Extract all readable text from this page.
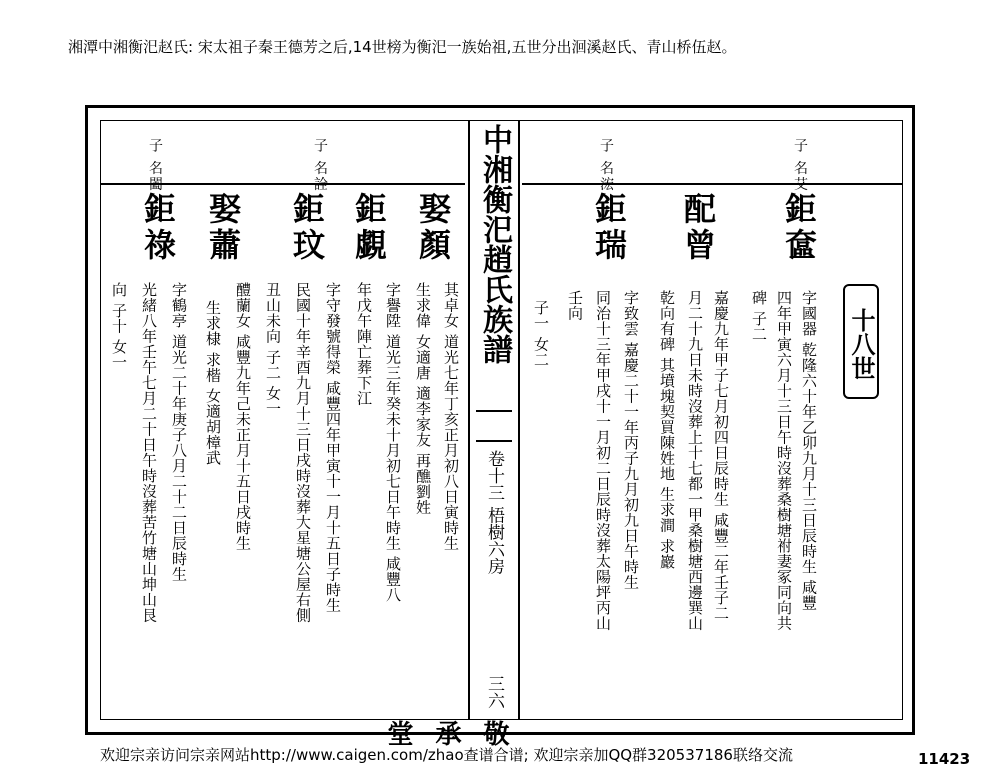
湘潭中湘衡汜赵氏: 宋太祖子秦王德芳之后,14世榜为衡汜一族始祖,五世分出洄溪赵氏、青山桥伍赵。
中湘衡汜趙氏族譜
卷十三 梧樹六房
三六
敬承堂
十八世
子 名艾
鉅奩
字國器 乾隆六十年乙卯九月十三日辰時生 咸豐
四年甲寅六月十三日午時沒葬桑樹塘祔妻冢同向共
碑 子二
配曾
嘉慶九年甲子七月初四日辰時生 咸豐二年壬子二
月二十九日未時沒葬上十七都一甲桑樹塘西邊巽山
乾向有碑 其墳塊契買陳姓地 生求澗 求巖
子 名浤
鉅瑞
字致雲 嘉慶二十一年丙子九月初九日午時生
同治十三年甲戌十一月初二日辰時沒葬太陽坪丙山
壬向
子一 女二
娶顏
其卓女 道光七年丁亥正月初八日寅時生
生求偉 女適唐 適李家友 再醮劉姓
子 名詮
鉅覷
字譽陞 道光三年癸未十月初七日午時生 咸豐八
年戊午陣亡葬下江
鉅玟
字守發號得榮 咸豐四年甲寅十一月十五日子時生
民國十年辛酉九月十三日戌時沒葬大星塘公屋右側
丑山未向 子二 女一
娶蕭
醴蘭女 咸豐九年己未正月十五日戌時生
生求棣 求楷 女適胡樟武
子 名闔
鉅祿
字鶴亭 道光二十年庚子八月二十二日辰時生
光緒八年壬午七月二十日午時沒葬苦竹塘山坤山艮
向 子十 女一
欢迎宗亲访问宗亲网站http://www.caigen.com/zhao查谱合谱; 欢迎宗亲加QQ群320537186联络交流	11423
